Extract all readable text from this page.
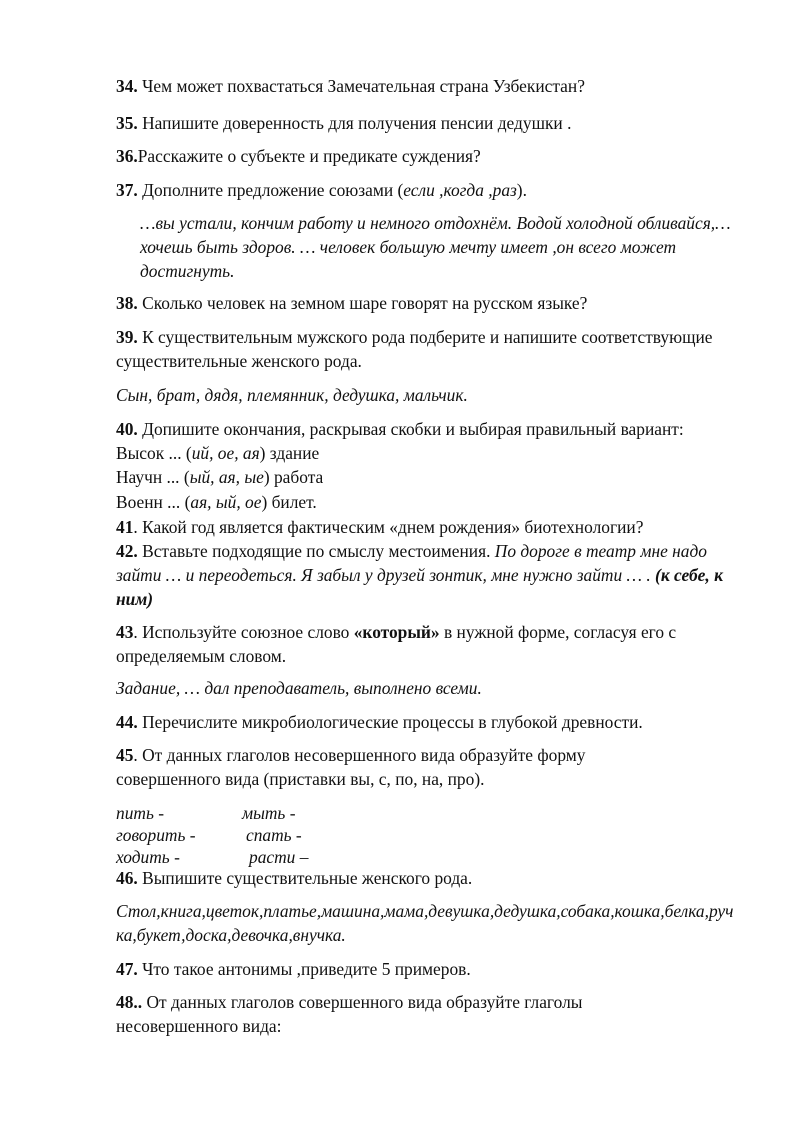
34. Чем может похвастаться Замечательная страна Узбекистан?

35. Напишите доверенность для получения пенсии дедушки .

36.Расскажите о субъекте и предикате суждения?

37. Дополните предложение союзами (если ,когда ,раз).

…вы устали, кончим работу и немного отдохнём. Водой холодной обливайся,… хочешь быть здоров. … человек большую мечту имеет ,он всего может достигнуть.

38. Сколько человек на земном шаре говорят на русском языке?

39. К существительным мужского рода подберите и напишите соответствующие существительные женского рода.

Сын, брат, дядя, племянник, дедушка, мальчик.

40. Допишите окончания, раскрывая скобки и выбирая правильный вариант:

Высок ... (ий, ое, ая) здание

Научн ... (ый, ая, ые) работа

Военн ... (ая, ый, ое) билет.

41. Какой год является фактическим «днем рождения» биотехнологии?

42. Вставьте подходящие по смыслу местоимения. По дороге в театр мне надо зайти … и переодеться. Я забыл у друзей зонтик, мне нужно зайти … . (к себе, к ним)

43. Используйте союзное слово «который» в нужной форме, согласуя его с определяемым словом.

Задание, … дал преподаватель, выполнено всеми.

44. Перечислите микробиологические процессы в глубокой древности.

45. От данных глаголов несовершенного вида образуйте форму совершенного вида (приставки вы, с, по, на, про).

пить -	мыть -

говорить -	спать -

ходить -	расти –

46. Выпишите существительные женского рода.

Стол,книга,цветок,платье,машина,мама,девушка,дедушка,собака,кошка,белка,ручка,букет,доска,девочка,внучка.

47. Что такое антонимы ,приведите 5 примеров.

48.. От данных глаголов совершенного вида образуйте глаголы несовершенного вида:
